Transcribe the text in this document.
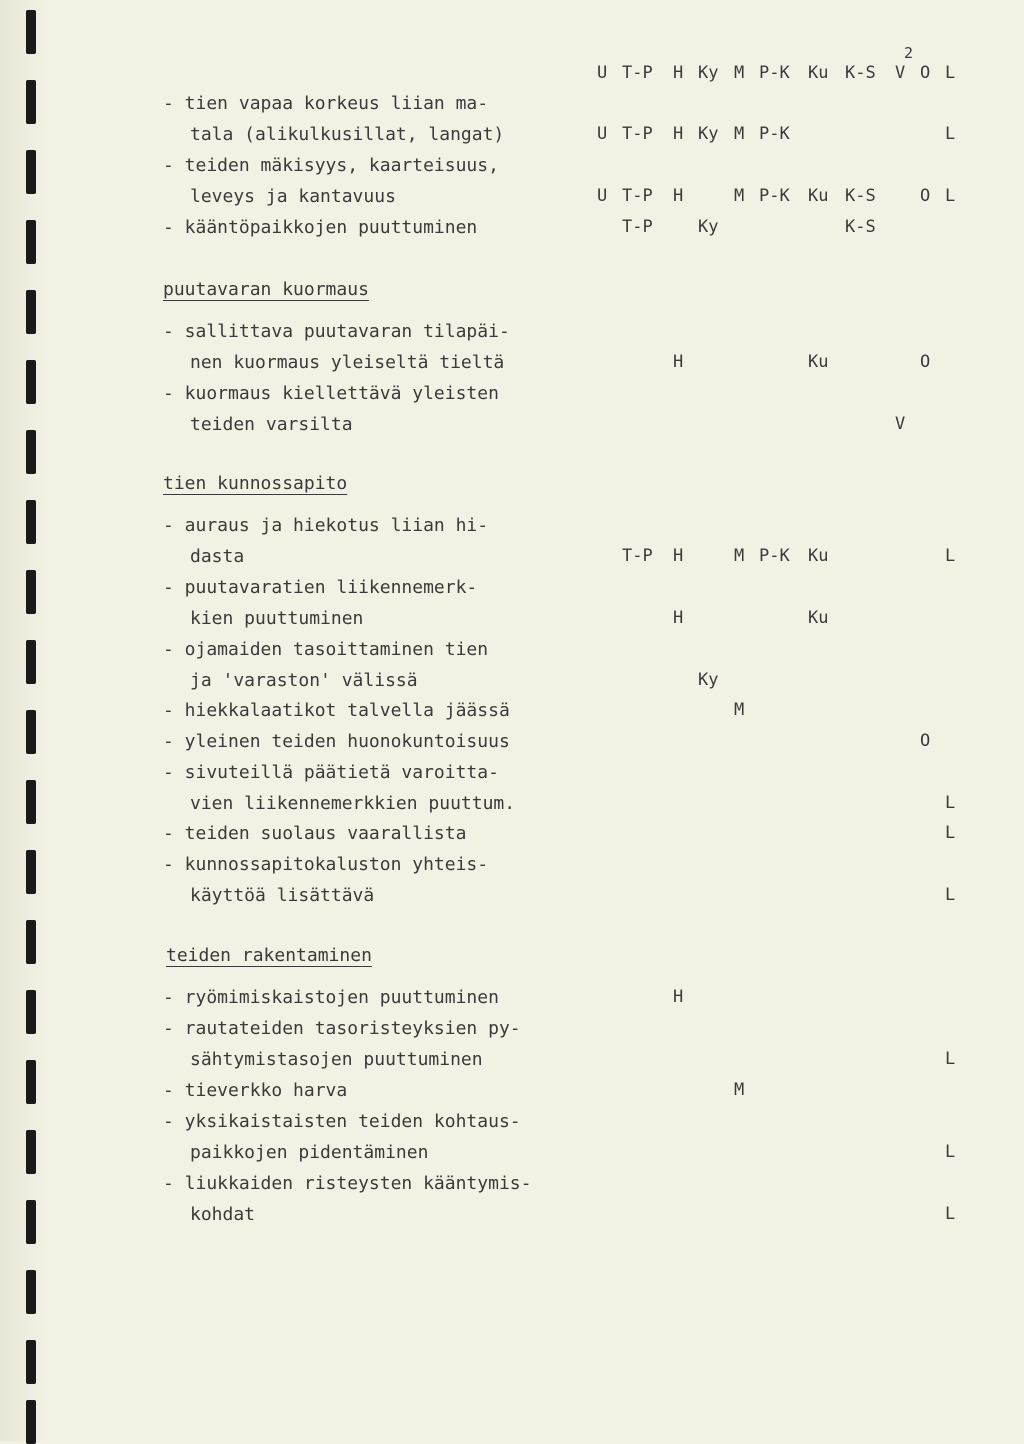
2
U T-P H Ky M P-K Ku K-S V O L
- tien vapaa korkeus liian ma-
tala (alikulkusillat, langat)	U T-P H Ky M P-K	L
- teiden mäkisyys, kaarteisuus,
leveys ja kantavuus	U T-P H	M P-K Ku K-S	O L
- kääntöpaikkojen puuttuminen	T-P	Ky	K-S
puutavaran kuormaus
- sallittava puutavaran tilapäi-
nen kuormaus yleiseltä tieltä	H	Ku	O
- kuormaus kiellettävä yleisten
teiden varsilta	V
tien kunnossapito
- auraus ja hiekotus liian hi-
dasta	T-P H	M P-K Ku	L
- puutavaratien liikennemerk-
kien puuttuminen	H	Ku
- ojamaiden tasoittaminen tien
ja 'varaston' välissä	Ky
- hiekkalaatikot talvella jäässä	M
- yleinen teiden huonokuntoisuus	O
- sivuteillä päätietä varoitta-
vien liikennemerkkien puuttum.	L
- teiden suolaus vaarallista	L
- kunnossapitokaluston yhteis-
käyttöä lisättävä	L
teiden rakentaminen
- ryömimiskaistojen puuttuminen	H
- rautateiden tasoristeyksien py-
sähtymistasojen puuttuminen	L
- tieverkko harva	M
- yksikaistaisten teiden kohtaus-
paikkojen pidentäminen	L
- liukkaiden risteysten kääntymis-
kohdat	L
